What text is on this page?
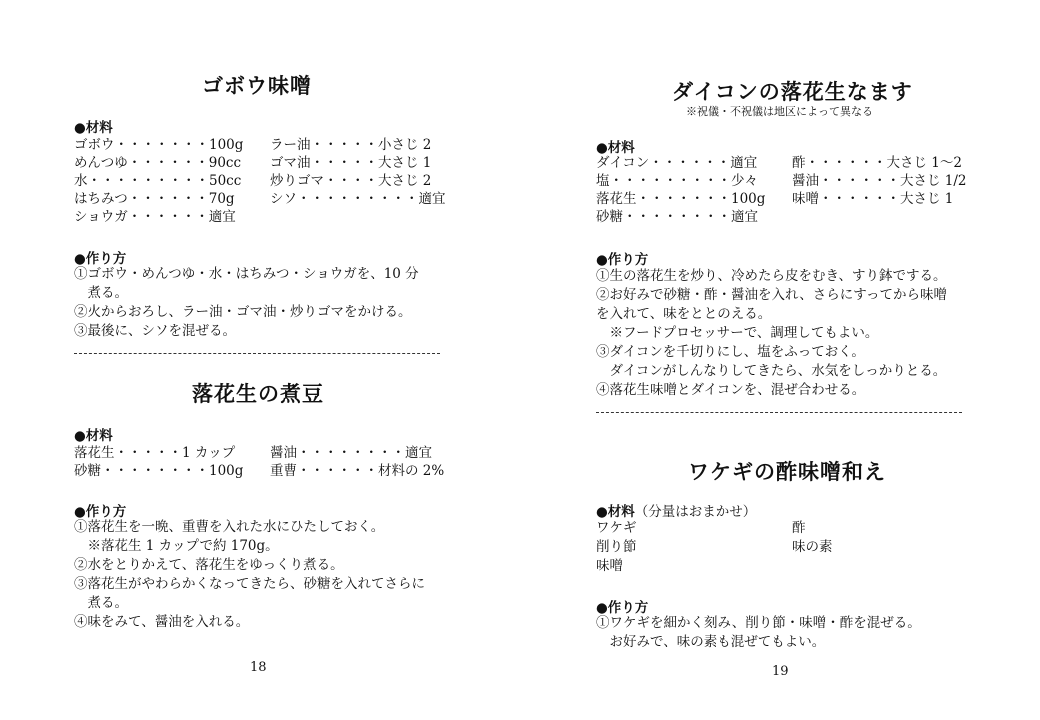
ゴボウ味噌
●材料
ゴボウ・・・・・・・100g ラー油・・・・・小さじ 2
めんつゆ・・・・・・90cc ゴマ油・・・・・大さじ 1
水・・・・・・・・・50cc 炒りゴマ・・・・大さじ 2
はちみつ・・・・・・70g	シソ・・・・・・・・・適宜
ショウガ・・・・・・適宜
●作り方
①ゴボウ・めんつゆ・水・はちみつ・ショウガを、10 分
　煮る。
②火からおろし、ラー油・ゴマ油・炒りゴマをかける。
③最後に、シソを混ぜる。
落花生の煮豆
●材料
落花生・・・・・1 カップ	醤油・・・・・・・・適宜
砂糖・・・・・・・・100g 重曹・・・・・・材料の 2%
●作り方
①落花生を一晩、重曹を入れた水にひたしておく。
　※落花生 1 カップで約 170g。
②水をとりかえて、落花生をゆっくり煮る。
③落花生がやわらかくなってきたら、砂糖を入れてさらに
　煮る。
④味をみて、醤油を入れる。
18
ダイコンの落花生なます
※祝儀・不祝儀は地区によって異なる
●材料
ダイコン・・・・・・適宜	酢・・・・・・大さじ 1〜2
塩・・・・・・・・・少々	醤油・・・・・・大さじ 1/2
落花生・・・・・・・100g 味噌・・・・・・大さじ 1
砂糖・・・・・・・・適宜
●作り方
①生の落花生を炒り、冷めたら皮をむき、すり鉢でする。
②お好みで砂糖・酢・醤油を入れ、さらにすってから味噌
を入れて、味をととのえる。
　※フードプロセッサーで、調理してもよい。
③ダイコンを千切りにし、塩をふっておく。
　ダイコンがしんなりしてきたら、水気をしっかりとる。
④落花生味噌とダイコンを、混ぜ合わせる。
ワケギの酢味噌和え
●材料（分量はおまかせ）
ワケギ	酢
削り節	味の素
味噌
●作り方
①ワケギを細かく刻み、削り節・味噌・酢を混ぜる。
　お好みで、味の素も混ぜてもよい。
19
